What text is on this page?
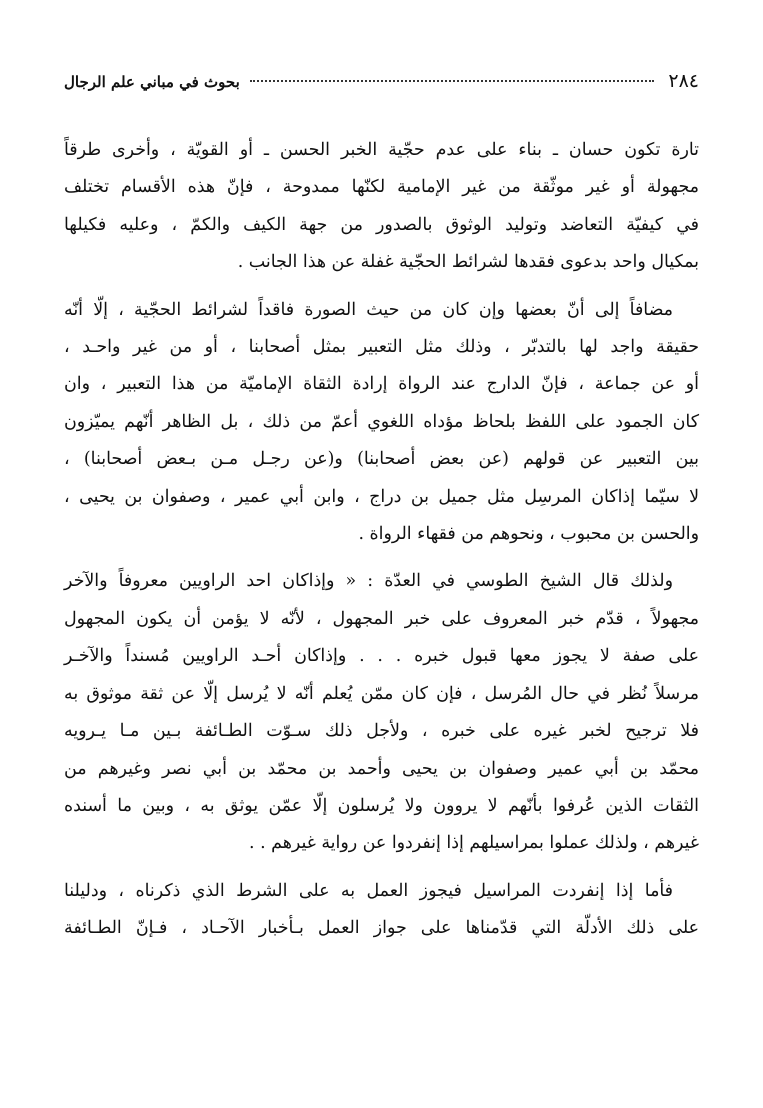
٢٨٤
بحوث في مباني علم الرجال
تارة تكون حسان ـ بناء على عدم حجّية الخبر الحسن ـ أو القويّة ، وأخرى طرقاً
مجهولة أو غير موثّقة من غير الإمامية لكنّها ممدوحة ، فإنّ هذه الأقسام تختلف
في كيفيّة التعاضد وتوليد الوثوق بالصدور من جهة الكيف والكمّ ، وعليه فكيلها
بمكيال واحد بدعوى فقدها لشرائط الحجّية غفلة عن هذا الجانب .
مضافاً إلى أنّ بعضها وإن كان من حيث الصورة فاقداً لشرائط الحجّية ، إلّا أنّه
حقيقة واجد لها بالتدبّر ، وذلك مثل التعبير بمثل أصحابنا ، أو من غير واحـد ،
أو عن جماعة ، فإنّ الدارج عند الرواة إرادة الثقاة الإماميّة من هذا التعبير ، وان
كان الجمود على اللفظ بلحاظ مؤداه اللغوي أعمّ من ذلك ، بل الظاهر أنّهم يميّزون
بين التعبير عن قولهم (عن بعض أصحابنا) و(عن رجـل مـن بـعض أصحابنا) ،
لا سيّما إذاكان المرسِل مثل جميل بن دراج ، وابن أبي عمير ، وصفوان بن يحيى ،
والحسن بن محبوب ، ونحوهم من فقهاء الرواة .
ولذلك قال الشيخ الطوسي في العدّة : « وإذاكان احد الراويين معروفاً والآخر
مجهولاً ، قدّم خبر المعروف على خبر المجهول ، لأنّه لا يؤمن أن يكون المجهول
على صفة لا يجوز معها قبول خبره . . . وإذاكان أحـد الراويين مُسنداً والآخـر
مرسلاً نُظر في حال المُرسل ، فإن كان ممّن يُعلم أنّه لا يُرسل إلّا عن ثقة موثوق به
فلا ترجيح لخبر غيره على خبره ، ولأجل ذلك سـوّت الطـائفة بـين مـا يـرويه
محمّد بن أبي عمير وصفوان بن يحيى وأحمد بن محمّد بن أبي نصر وغيرهم من
الثقات الذين عُرفوا بأنّهم لا يروون ولا يُرسلون إلّا عمّن يوثق به ، وبين ما أسنده
غيرهم ، ولذلك عملوا بمراسيلهم إذا إنفردوا عن رواية غيرهم . .
فأما إذا إنفردت المراسيل فيجوز العمل به على الشرط الذي ذكرناه ، ودليلنا
على ذلك الأدلّة التي قدّمناها على جواز العمل بـأخبار الآحـاد ، فـإنّ الطـائفة
